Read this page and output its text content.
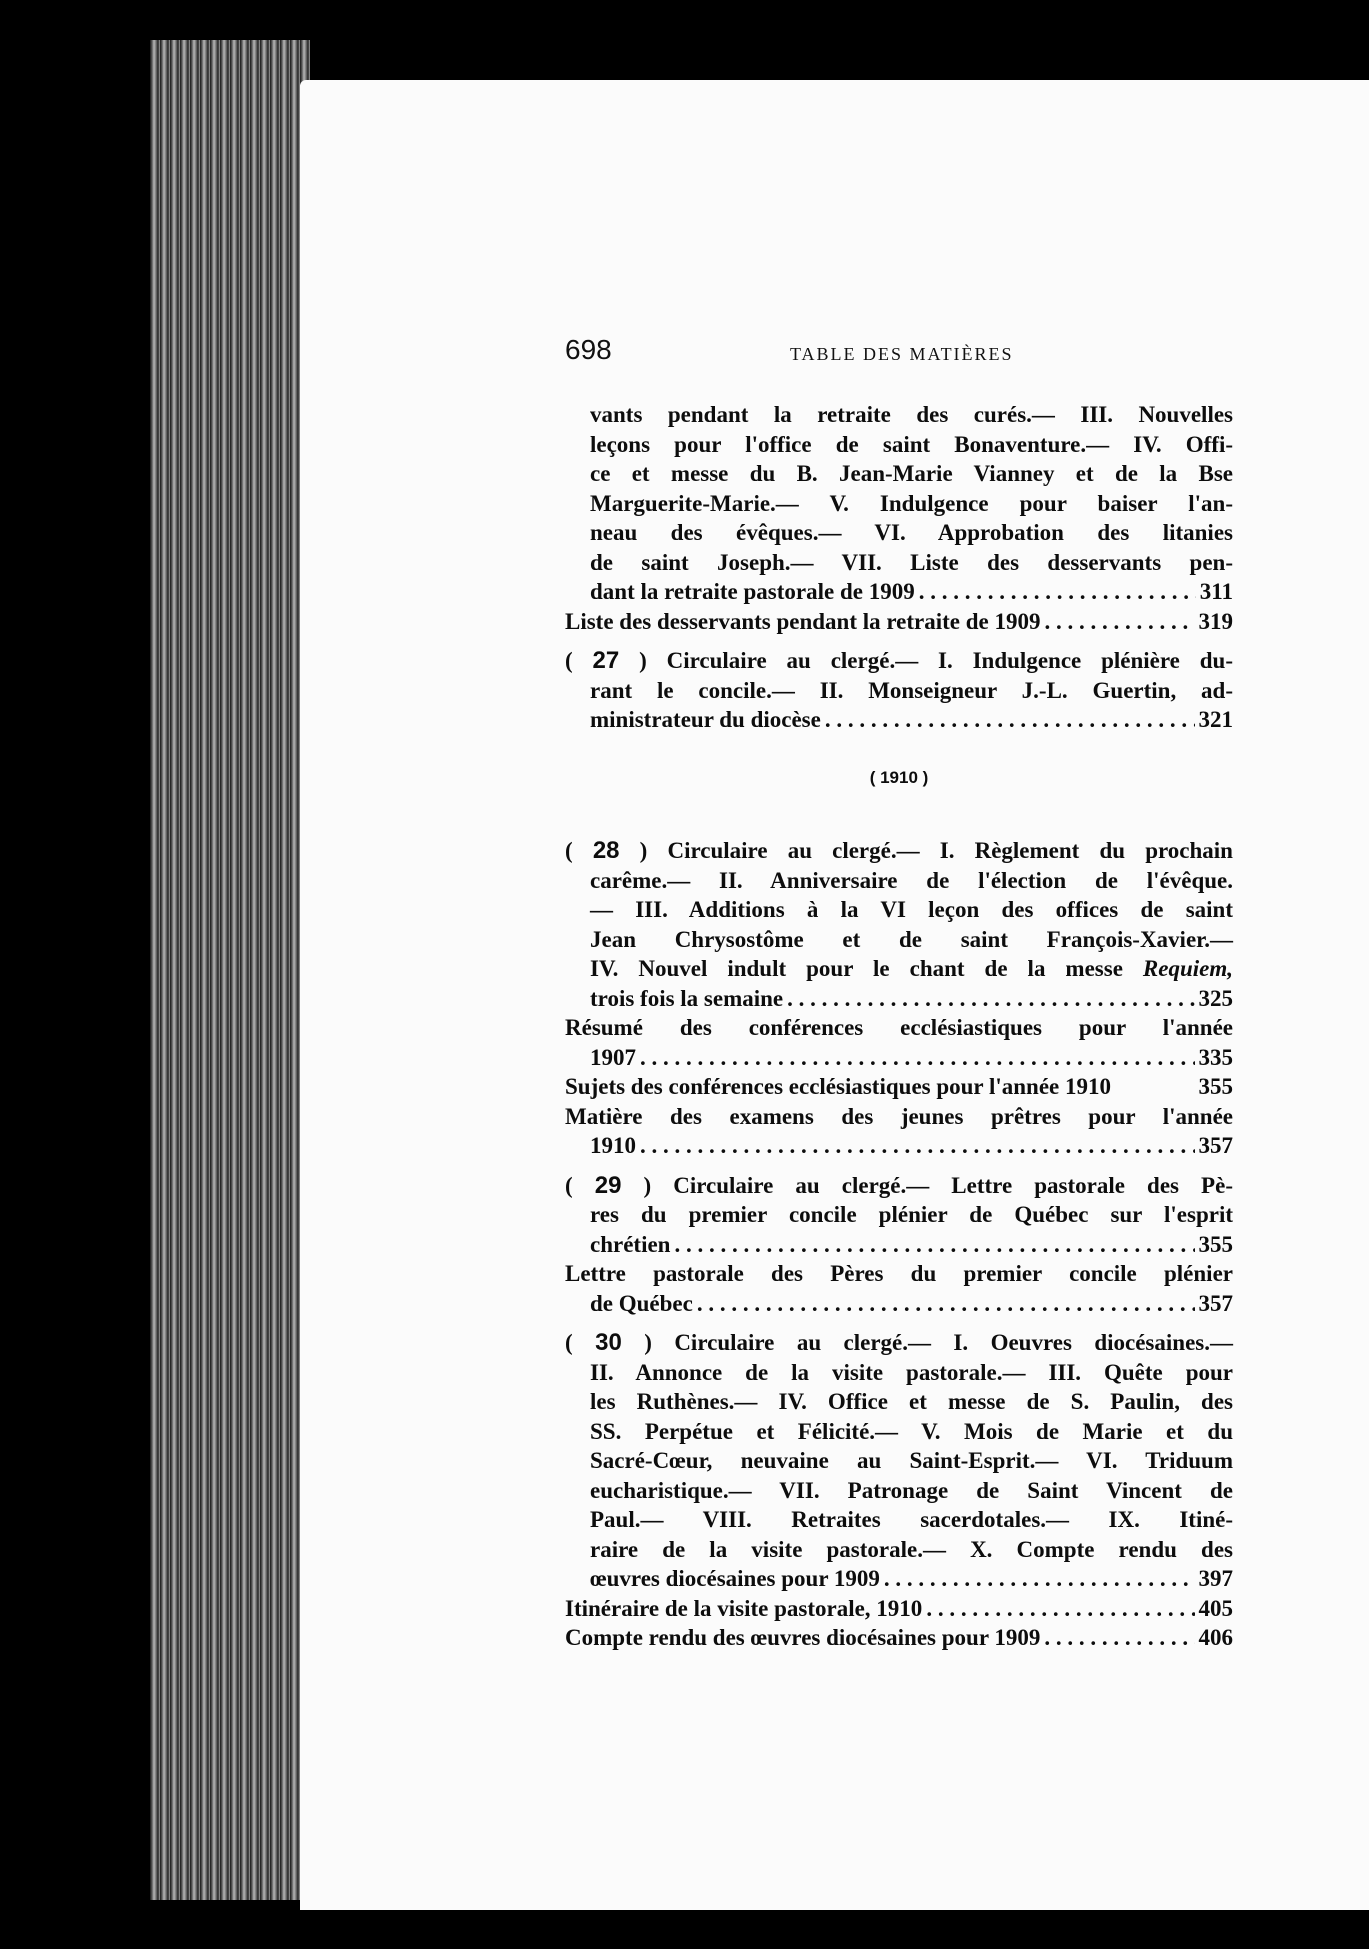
698	TABLE DES MATIÈRES
vants pendant la retraite des curés.— III. Nouvelles
leçons pour l'office de saint Bonaventure.— IV. Offi-
ce et messe du B. Jean-Marie Vianney et de la Bse
Marguerite-Marie.— V. Indulgence pour baiser l'an-
neau des évêques.— VI. Approbation des litanies
de saint Joseph.— VII. Liste des desservants pen-
dant la retraite pastorale de 1909 . . .	311
Liste des desservants pendant la retraite de 1909 . . .	319
( 27 ) Circulaire au clergé.— I. Indulgence plénière du-
rant le concile.— II. Monseigneur J.-L. Guertin, ad-
ministrateur du diocèse . . .	321
( 1910 )
( 28 ) Circulaire au clergé.— I. Règlement du prochain
carême.— II. Anniversaire de l'élection de l'évêque.
— III. Additions à la VI leçon des offices de saint
Jean Chrysostôme et de saint François-Xavier.—
IV. Nouvel indult pour le chant de la messe Requiem,
trois fois la semaine . . .	325
Résumé des conférences ecclésiastiques pour l'année
1907 . . .	335
Sujets des conférences ecclésiastiques pour l'année 1910	355
Matière des examens des jeunes prêtres pour l'année
1910 . . .	357
( 29 ) Circulaire au clergé.— Lettre pastorale des Pè-
res du premier concile plénier de Québec sur l'esprit
chrétien . . .	355
Lettre pastorale des Pères du premier concile plénier
de Québec . . .	357
( 30 ) Circulaire au clergé.— I. Oeuvres diocésaines.—
II. Annonce de la visite pastorale.— III. Quête pour
les Ruthènes.— IV. Office et messe de S. Paulin, des
SS. Perpétue et Félicité.— V. Mois de Marie et du
Sacré-Cœur, neuvaine au Saint-Esprit.— VI. Triduum
eucharistique.— VII. Patronage de Saint Vincent de
Paul.— VIII. Retraites sacerdotales.— IX. Itiné-
raire de la visite pastorale.— X. Compte rendu des
œuvres diocésaines pour 1909 . . .	397
Itinéraire de la visite pastorale, 1910 . . .	405
Compte rendu des œuvres diocésaines pour 1909 . . .	406
